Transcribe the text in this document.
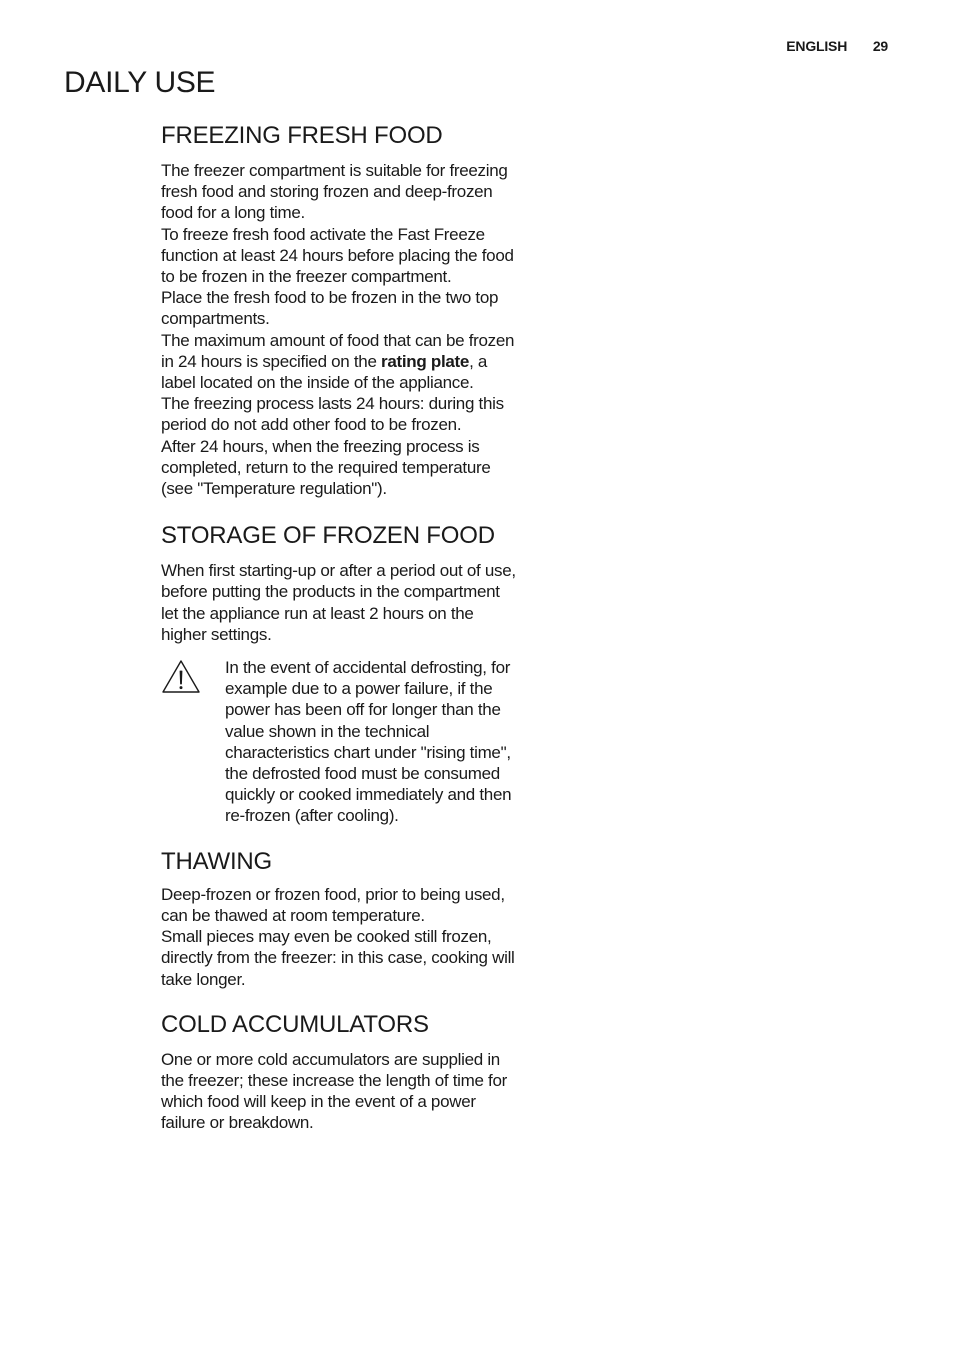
ENGLISH 29
DAILY USE
FREEZING FRESH FOOD

The freezer compartment is suitable for freezing fresh food and storing frozen and deep-frozen food for a long time.

To freeze fresh food activate the Fast Freeze function at least 24 hours before placing the food to be frozen in the freezer compartment.

Place the fresh food to be frozen in the two top compartments.

The maximum amount of food that can be frozen in 24 hours is specified on the rating plate, a label located on the inside of the appliance.

The freezing process lasts 24 hours: during this period do not add other food to be frozen.

After 24 hours, when the freezing process is completed, return to the required temperature (see "Temperature regulation").

STORAGE OF FROZEN FOOD

When first starting-up or after a period out of use, before putting the products in the compartment let the appliance run at least 2 hours on the higher settings.

In the event of accidental defrosting, for example due to a power failure, if the power has been off for longer than the value shown in the technical characteristics chart under "rising time", the defrosted food must be consumed quickly or cooked immediately and then re-frozen (after cooling).

THAWING

Deep-frozen or frozen food, prior to being used, can be thawed at room temperature.

Small pieces may even be cooked still frozen, directly from the freezer: in this case, cooking will take longer.

COLD ACCUMULATORS

One or more cold accumulators are supplied in the freezer; these increase the length of time for which food will keep in the event of a power failure or breakdown.
